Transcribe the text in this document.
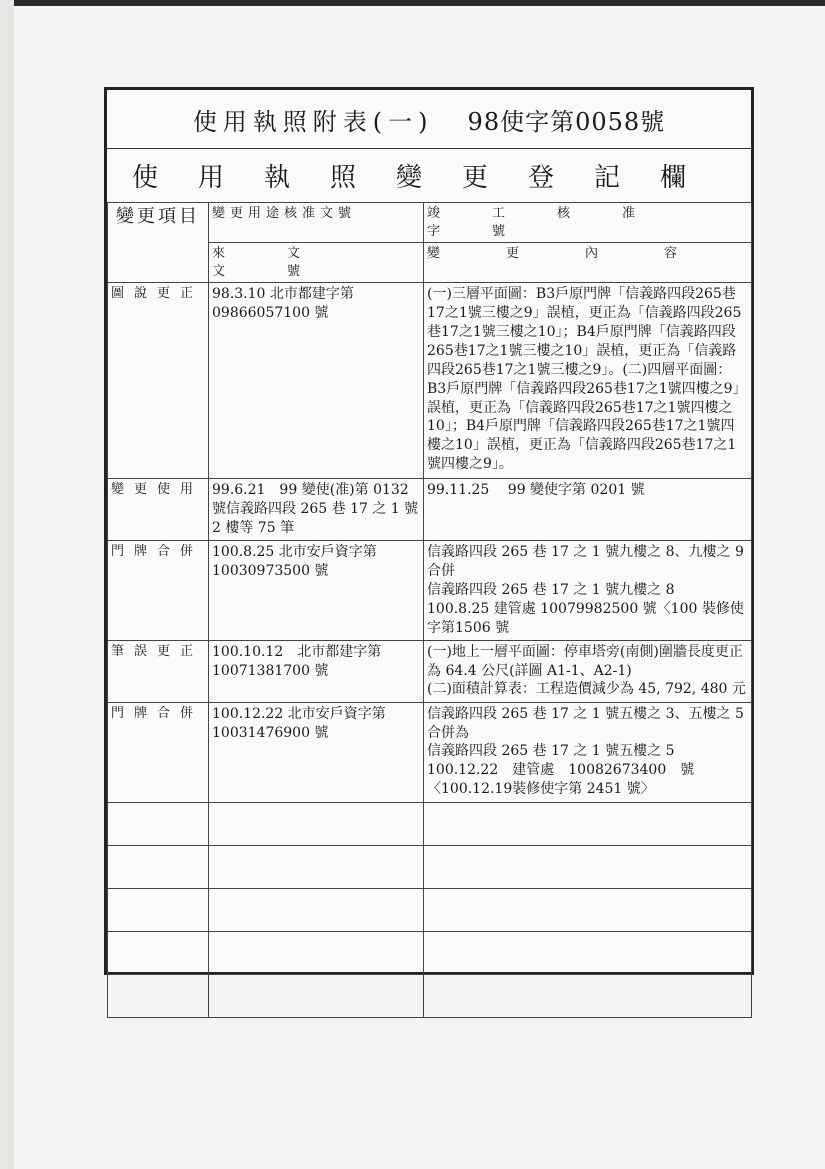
使用執照附表(一) 98使字第0058號
使用執照變更登記欄
變更項目	變更用途核准文號	竣工核准字號
	來文文號	變更內容
圖說更正	98.3.10 北市都建字第09866057100 號	(一)三層平面圖：B3戶原門牌「信義路四段265巷17之1號三樓之9」誤植，更正為「信義路四段265巷17之1號三樓之10」；B4戶原門牌「信義路四段265巷17之1號三樓之10」誤植，更正為「信義路四段265巷17之1號三樓之9」。(二)四層平面圖：B3戶原門牌「信義路四段265巷17之1號四樓之9」誤植，更正為「信義路四段265巷17之1號四樓之10」；B4戶原門牌「信義路四段265巷17之1號四樓之10」誤植，更正為「信義路四段265巷17之1號四樓之9」。
變更使用	99.6.21　99 變使(准)第 0132 號信義路四段 265 巷 17 之 1 號 2 樓等 75 筆	99.11.25　 99 變使字第 0201 號
門牌合併	100.8.25 北市安戶資字第10030973500 號	信義路四段 265 巷 17 之 1 號九樓之 8、九樓之 9 合併
信義路四段 265 巷 17 之 1 號九樓之 8
100.8.25 建管處 10079982500 號〈100 裝修使字第1506 號
筆誤更正	100.10.12　北市都建字第10071381700 號	(一)地上一層平面圖：停車塔旁(南側)圍牆長度更正為 64.4 公尺(詳圖 A1-1、A2-1)
(二)面積計算表：工程造價減少為 45, 792, 480 元
門牌合併	100.12.22 北市安戶資字第10031476900 號	信義路四段 265 巷 17 之 1 號五樓之 3、五樓之 5 合併為
信義路四段 265 巷 17 之 1 號五樓之 5
100.12.22　建管處　10082673400　號〈100.12.19裝修使字第 2451 號〉
